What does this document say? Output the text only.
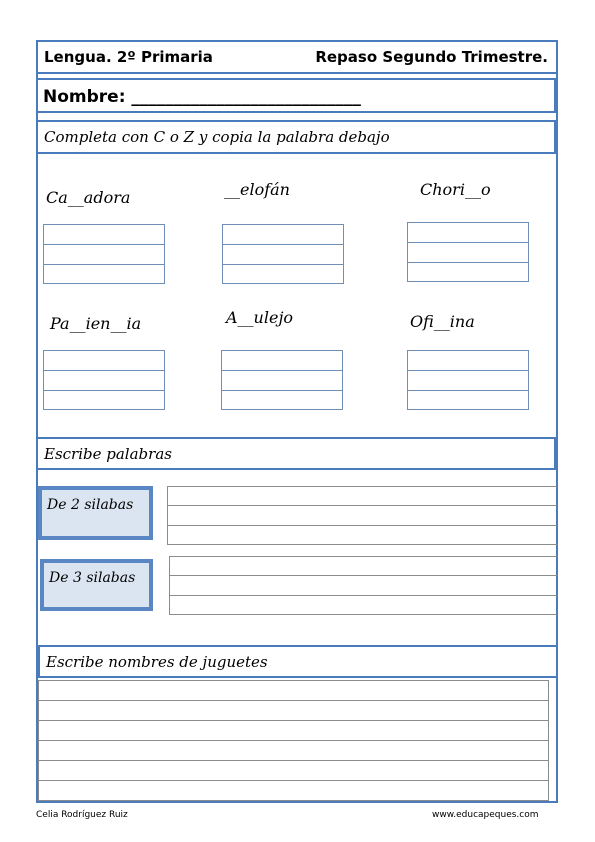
Lengua. 2º Primaria	Repaso Segundo Trimestre.
Nombre: ___________________________
Completa con C o Z y copia la palabra debajo
Ca__adora	__elofán	Chori__o
Pa__ien__ia	A__ulejo	Ofi__ina
Escribe palabras
De 2 silabas
De 3 silabas
Escribe nombres de juguetes
Celia Rodríguez Ruiz	www.educapeques.com
